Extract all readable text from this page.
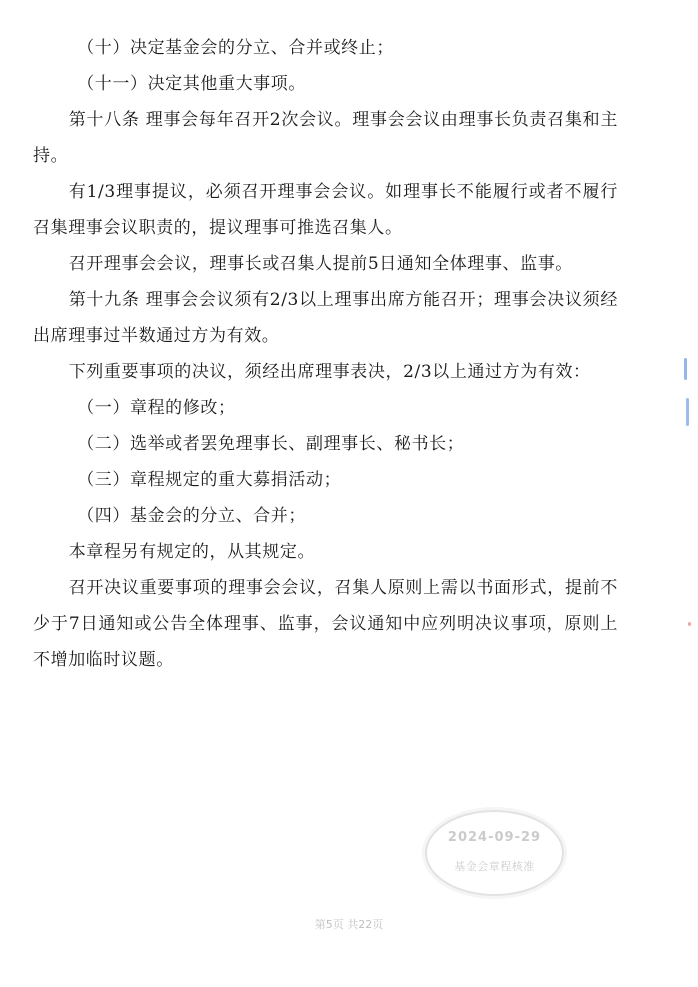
（十）决定基金会的分立、合并或终止；

（十一）决定其他重大事项。

第十八条 理事会每年召开2次会议。理事会会议由理事长负责召集和主持。

有1/3理事提议，必须召开理事会会议。如理事长不能履行或者不履行召集理事会议职责的，提议理事可推选召集人。

召开理事会会议，理事长或召集人提前5日通知全体理事、监事。

第十九条 理事会会议须有2/3以上理事出席方能召开；理事会决议须经出席理事过半数通过方为有效。

下列重要事项的决议，须经出席理事表决，2/3以上通过方为有效：

（一）章程的修改；

（二）选举或者罢免理事长、副理事长、秘书长；

（三）章程规定的重大募捐活动；

（四）基金会的分立、合并；

本章程另有规定的，从其规定。

召开决议重要事项的理事会会议，召集人原则上需以书面形式，提前不少于7日通知或公告全体理事、监事，会议通知中应列明决议事项，原则上不增加临时议题。

2024-09-29
基金会章程核准
第5页 共22页
